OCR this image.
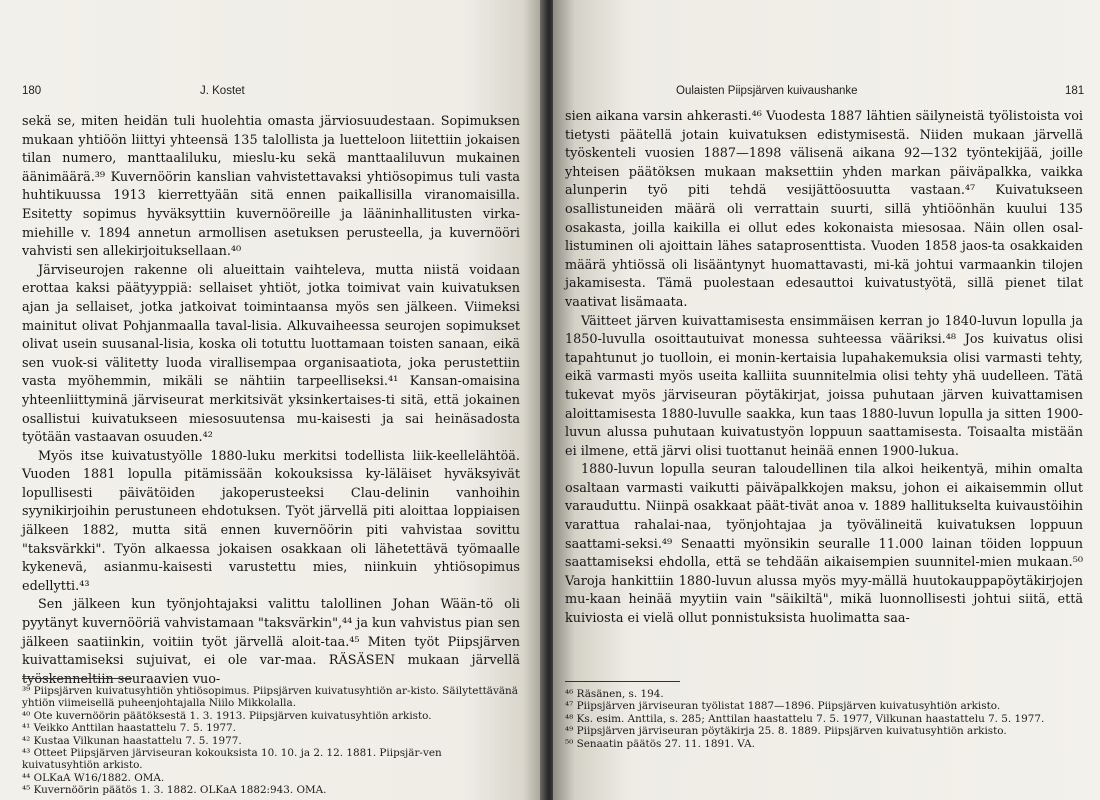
180	J. Kostet

sekä se, miten heidän tuli huolehtia omasta järviosuudestaan. Sopimuksen mukaan yhtiöön liittyi yhteensä 135 talollista ja luetteloon liitettiin jokaisen tilan numero, manttaaliluku, mieslu-ku sekä manttaaliluvun mukainen äänimäärä.³⁹ Kuvernöörin kanslian vahvistettavaksi yhtiösopimus tuli vasta huhtikuussa 1913 kierrettyään sitä ennen paikallisilla viranomaisilla. Esitetty sopimus hyväksyttiin kuvernööreille ja lääninhallitusten virka-miehille v. 1894 annetun armollisen asetuksen perusteella, ja kuvernööri vahvisti sen allekirjoituksellaan.⁴⁰

Järviseurojen rakenne oli alueittain vaihteleva, mutta niistä voidaan erottaa kaksi päätyyppiä: sellaiset yhtiöt, jotka toimivat vain kuivatuksen ajan ja sellaiset, jotka jatkoivat toimintaansa myös sen jälkeen. Viimeksi mainitut olivat Pohjanmaalla taval-lisia. Alkuvaiheessa seurojen sopimukset olivat usein suusanal-lisia, koska oli totuttu luottamaan toisten sanaan, eikä sen vuok-si välitetty luoda virallisempaa organisaatiota, joka perustettiin vasta myöhemmin, mikäli se nähtiin tarpeelliseksi.⁴¹ Kansan-omaisina yhteenliittyminä järviseurat merkitsivät yksinkertaises-ti sitä, että jokainen osallistui kuivatukseen miesosuutensa mu-kaisesti ja sai heinäsadosta työtään vastaavan osuuden.⁴²

Myös itse kuivatustyölle 1880-luku merkitsi todellista liik-keellelähtöä. Vuoden 1881 lopulla pitämissään kokouksissa ky-läläiset hyväksyivät lopullisesti päivätöiden jakoperusteeksi Clau-delinin vanhoihin syynikirjoihin perustuneen ehdotuksen. Työt järvellä piti aloittaa loppiaisen jälkeen 1882, mutta sitä ennen kuvernöörin piti vahvistaa sovittu "taksvärkki". Työn alkaessa jokaisen osakkaan oli lähetettävä työmaalle kykenevä, asianmu-kaisesti varustettu mies, niinkuin yhtiösopimus edellytti.⁴³

Sen jälkeen kun työnjohtajaksi valittu talollinen Johan Wään-tö oli pyytänyt kuvernööriä vahvistamaan "taksvärkin",⁴⁴ ja kun vahvistus pian sen jälkeen saatiinkin, voitiin työt järvellä aloit-taa.⁴⁵ Miten työt Piipsjärven kuivattamiseksi sujuivat, ei ole var-maa. RÄSÄSEN mukaan järvellä työskenneltiin seuraavien vuo-

³⁹ Piipsjärven kuivatusyhtiön yhtiösopimus. Piipsjärven kuivatusyhtiön ar-kisto. Säilytettävänä yhtiön viimeisellä puheenjohtajalla Niilo Mikkolalla.
⁴⁰ Ote kuvernöörin päätöksestä 1. 3. 1913. Piipsjärven kuivatusyhtiön arkisto.
⁴¹ Veikko Anttilan haastattelu 7. 5. 1977.
⁴² Kustaa Vilkunan haastattelu 7. 5. 1977.
⁴³ Otteet Piipsjärven järviseuran kokouksista 10. 10. ja 2. 12. 1881. Piipsjär-ven kuivatusyhtiön arkisto.
⁴⁴ OLKaA W16/1882. OMA.
⁴⁵ Kuvernöörin päätös 1. 3. 1882. OLKaA 1882:943. OMA.
Oulaisten Piipsjärven kuivaushanke	181

sien aikana varsin ahkerasti.⁴⁶ Vuodesta 1887 lähtien säilyneistä työlistoista voi tietysti päätellä jotain kuivatuksen edistymisestä. Niiden mukaan järvellä työskenteli vuosien 1887—1898 välisenä aikana 92—132 työntekijää, joille yhteisen päätöksen mukaan maksettiin yhden markan päiväpalkka, vaikka alunperin työ piti tehdä vesijättöosuutta vastaan.⁴⁷ Kuivatukseen osallistuneiden määrä oli verrattain suurti, sillä yhtiöönhän kuului 135 osakasta, joilla kaikilla ei ollut edes kokonaista miesosaa. Näin ollen osal-listuminen oli ajoittain lähes sataprosenttista. Vuoden 1858 jaos-ta osakkaiden määrä yhtiössä oli lisääntynyt huomattavasti, mi-kä johtui varmaankin tilojen jakamisesta. Tämä puolestaan edesauttoi kuivatustyötä, sillä pienet tilat vaativat lisämaata.

Väitteet järven kuivattamisesta ensimmäisen kerran jo 1840-luvun lopulla ja 1850-luvulla osoittautuivat monessa suhteessa vääriksi.⁴⁸ Jos kuivatus olisi tapahtunut jo tuolloin, ei monin-kertaisia lupahakemuksia olisi varmasti tehty, eikä varmasti myös useita kalliita suunnitelmia olisi tehty yhä uudelleen. Tätä tukevat myös järviseuran pöytäkirjat, joissa puhutaan järven kuivattamisen aloittamisesta 1880-luvulle saakka, kun taas 1880-luvun lopulla ja sitten 1900-luvun alussa puhutaan kuivatustyön loppuun saattamisesta. Toisaalta mistään ei ilmene, että järvi olisi tuottanut heinää ennen 1900-lukua.

1880-luvun lopulla seuran taloudellinen tila alkoi heikentyä, mihin omalta osaltaan varmasti vaikutti päiväpalkkojen maksu, johon ei aikaisemmin ollut varauduttu. Niinpä osakkaat päät-tivät anoa v. 1889 hallitukselta kuivaustöihin varattua rahalai-naa, työnjohtajaa ja työvälineitä kuivatuksen loppuun saattami-seksi.⁴⁹ Senaatti myönsikin seuralle 11.000 lainan töiden loppuun saattamiseksi ehdolla, että se tehdään aikaisempien suunnitel-mien mukaan.⁵⁰ Varoja hankittiin 1880-luvun alussa myös myy-mällä huutokauppapöytäkirjojen mu-kaan heinää myytiin vain "säikiltä", mikä luonnollisesti johtui siitä, että kuiviosta ei vielä ollut ponnistuksista huolimatta saa-

⁴⁶ Räsänen, s. 194.
⁴⁷ Piipsjärven järviseuran työlistat 1887—1896. Piipsjärven kuivatusyhtiön arkisto.
⁴⁸ Ks. esim. Anttila, s. 285; Anttilan haastattelu 7. 5. 1977, Vilkunan haastattelu 7. 5. 1977.
⁴⁹ Piipsjärven järviseuran pöytäkirja 25. 8. 1889. Piipsjärven kuivatusyhtiön arkisto.
⁵⁰ Senaatin päätös 27. 11. 1891. VA.
